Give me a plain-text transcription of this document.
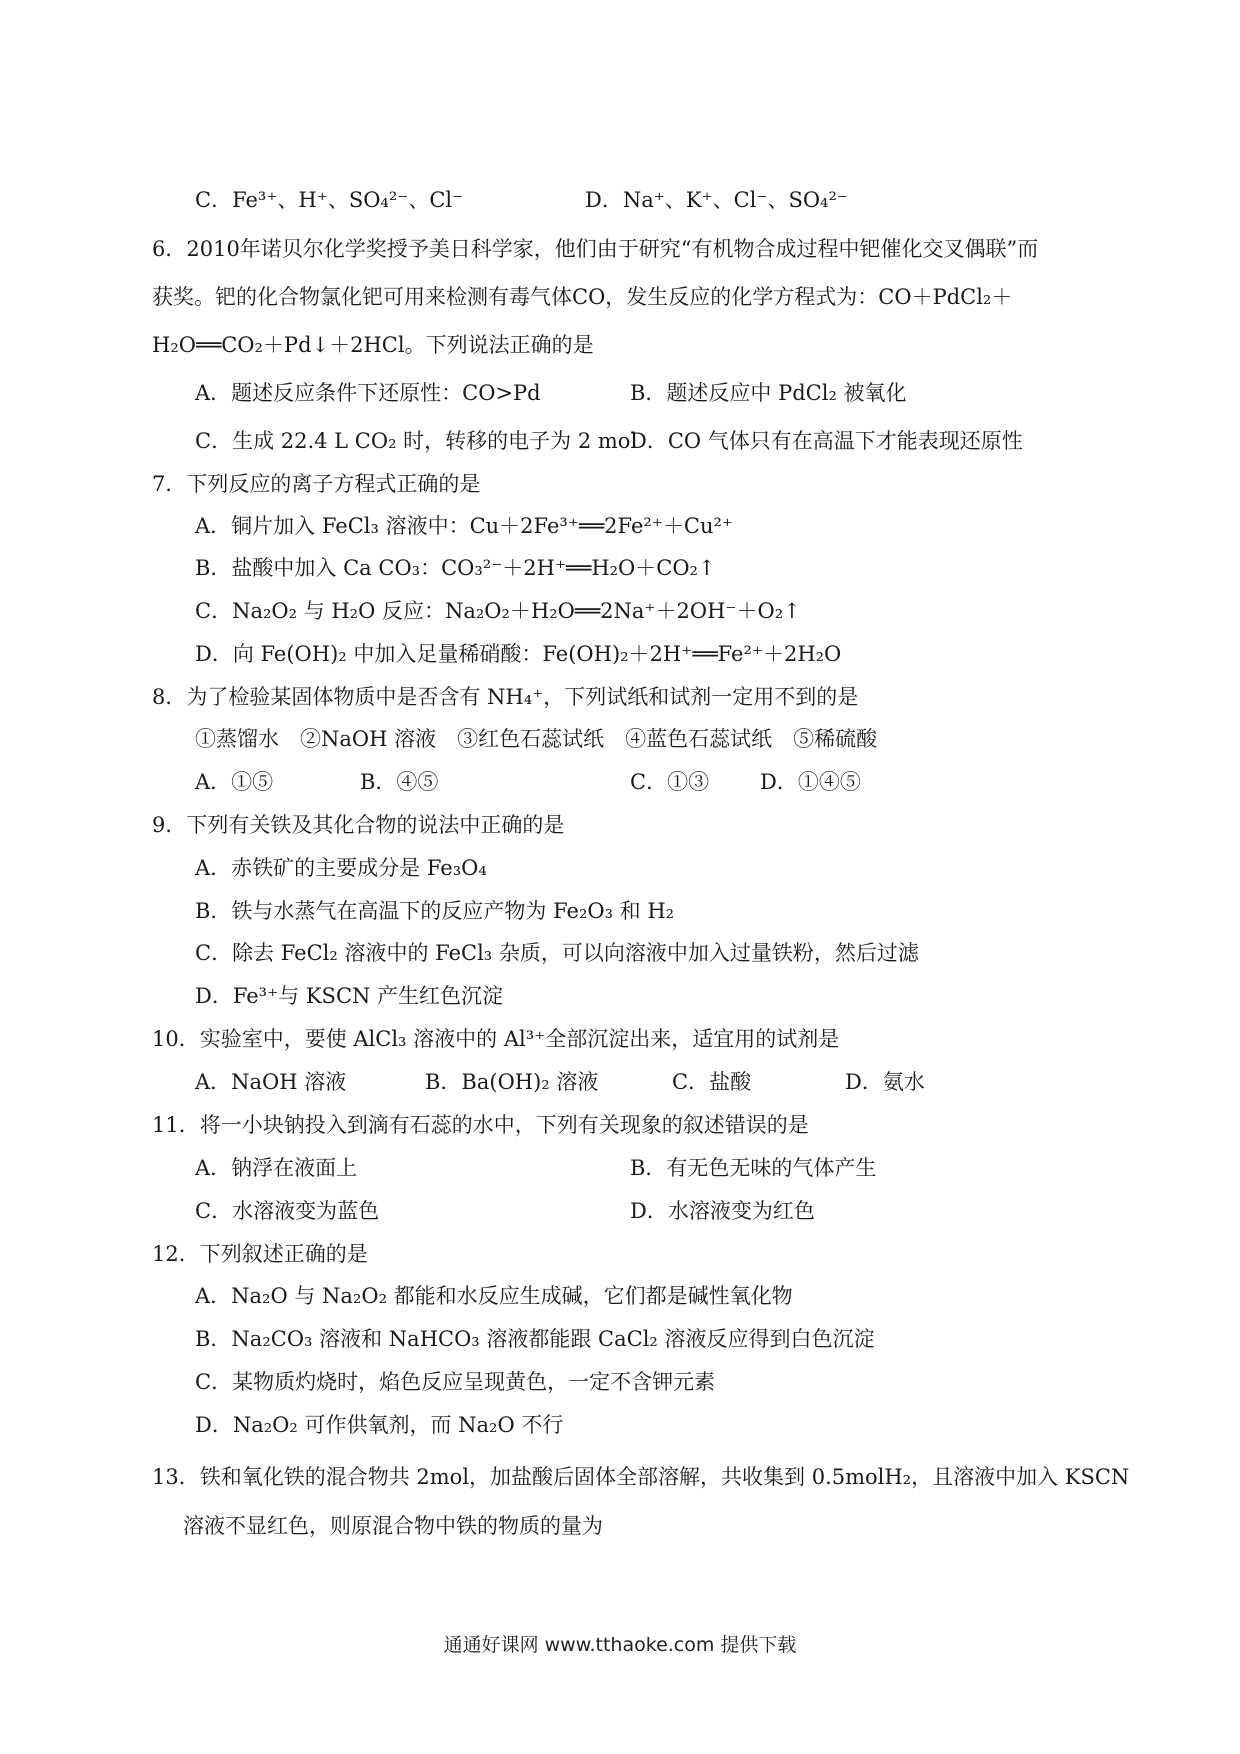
C．Fe³⁺、H⁺、SO₄²⁻、Cl⁻	D．Na⁺、K⁺、Cl⁻、SO₄²⁻
6．2010年诺贝尔化学奖授予美日科学家，他们由于研究“有机物合成过程中钯催化交叉偶联”而
获奖。钯的化合物氯化钯可用来检测有毒气体CO，发生反应的化学方程式为：CO＋PdCl₂＋
H₂O══CO₂＋Pd↓＋2HCl。下列说法正确的是
A．题述反应条件下还原性：CO>Pd	B．题述反应中 PdCl₂ 被氧化
C．生成 22.4 L CO₂ 时，转移的电子为 2 mol
D．CO 气体只有在高温下才能表现还原性
7．下列反应的离子方程式正确的是
A．铜片加入 FeCl₃ 溶液中：Cu＋2Fe³⁺══2Fe²⁺＋Cu²⁺
B．盐酸中加入 Ca CO₃：CO₃²⁻＋2H⁺══H₂O＋CO₂↑
C．Na₂O₂ 与 H₂O 反应：Na₂O₂＋H₂O══2Na⁺＋2OH⁻＋O₂↑
D．向 Fe(OH)₂ 中加入足量稀硝酸：Fe(OH)₂＋2H⁺══Fe²⁺＋2H₂O
8．为了检验某固体物质中是否含有 NH₄⁺，下列试纸和试剂一定用不到的是
①蒸馏水　②NaOH 溶液　③红色石蕊试纸　④蓝色石蕊试纸　⑤稀硫酸
A．①⑤	B．④⑤	C．①③ D．①④⑤
9．下列有关铁及其化合物的说法中正确的是
A．赤铁矿的主要成分是 Fe₃O₄
B．铁与水蒸气在高温下的反应产物为 Fe₂O₃ 和 H₂
C．除去 FeCl₂ 溶液中的 FeCl₃ 杂质，可以向溶液中加入过量铁粉，然后过滤
D．Fe³⁺与 KSCN 产生红色沉淀
10．实验室中，要使 AlCl₃ 溶液中的 Al³⁺全部沉淀出来，适宜用的试剂是
A．NaOH 溶液	B．Ba(OH)₂ 溶液	C．盐酸	D．氨水
11．将一小块钠投入到滴有石蕊的水中，下列有关现象的叙述错误的是
A．钠浮在液面上	B．有无色无味的气体产生
C．水溶液变为蓝色	D．水溶液变为红色
12．下列叙述正确的是
A．Na₂O 与 Na₂O₂ 都能和水反应生成碱，它们都是碱性氧化物
B．Na₂CO₃ 溶液和 NaHCO₃ 溶液都能跟 CaCl₂ 溶液反应得到白色沉淀
C．某物质灼烧时，焰色反应呈现黄色，一定不含钾元素
D．Na₂O₂ 可作供氧剂，而 Na₂O 不行
13．铁和氧化铁的混合物共 2mol，加盐酸后固体全部溶解，共收集到 0.5molH₂，且溶液中加入 KSCN
溶液不显红色，则原混合物中铁的物质的量为
通通好课网 www.tthaoke.com 提供下载
